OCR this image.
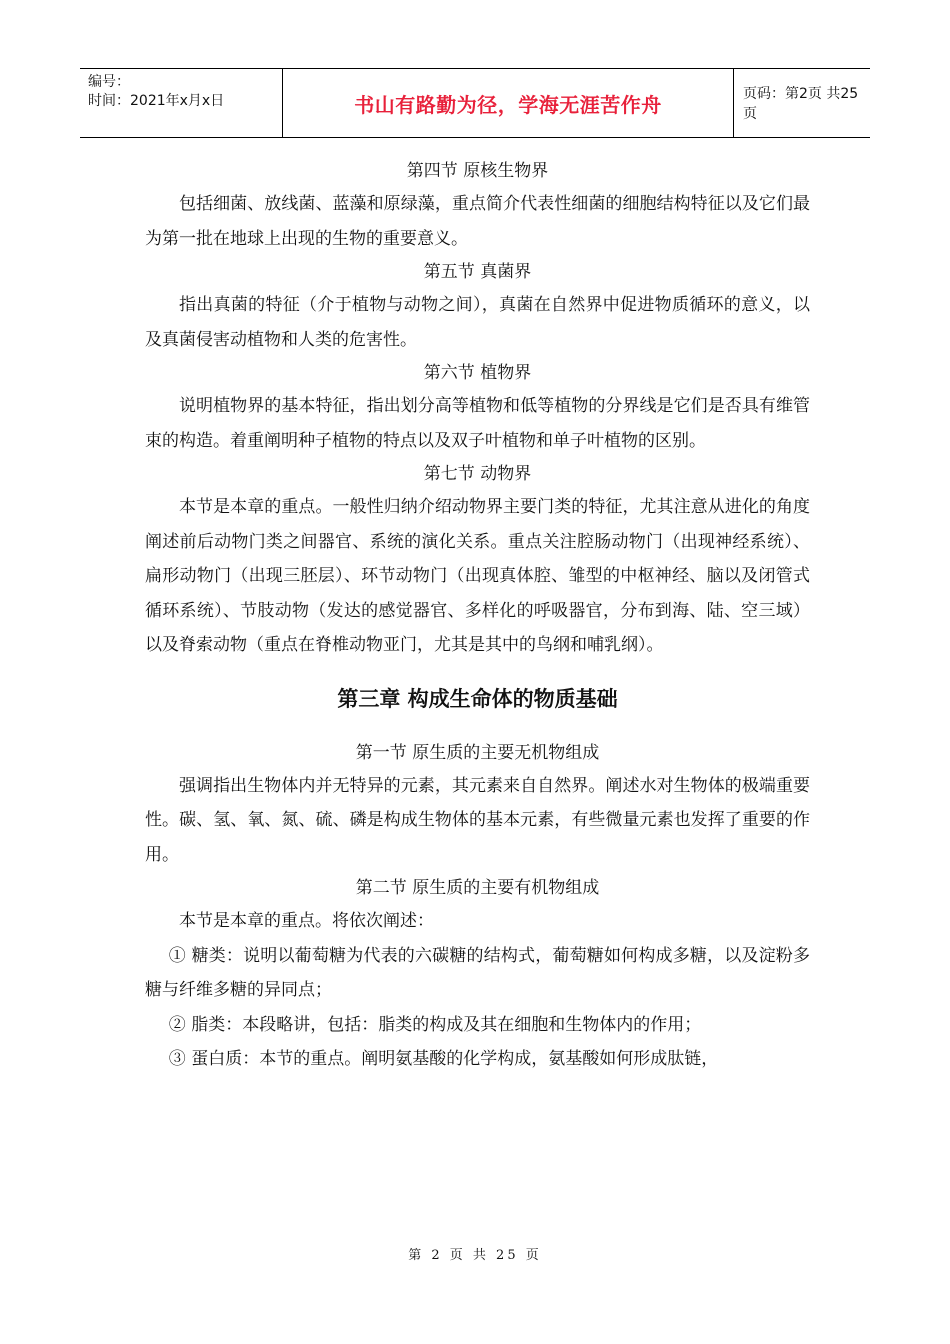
编号：
时间：2021年x月x日	书山有路勤为径，学海无涯苦作舟	页码：第2页 共25页

第四节 原核生物界

包括细菌、放线菌、蓝藻和原绿藻，重点简介代表性细菌的细胞结构特征以及它们最为第一批在地球上出现的生物的重要意义。

第五节 真菌界

指出真菌的特征（介于植物与动物之间），真菌在自然界中促进物质循环的意义，以及真菌侵害动植物和人类的危害性。

第六节 植物界

说明植物界的基本特征，指出划分高等植物和低等植物的分界线是它们是否具有维管束的构造。着重阐明种子植物的特点以及双子叶植物和单子叶植物的区别。

第七节 动物界

本节是本章的重点。一般性归纳介绍动物界主要门类的特征，尤其注意从进化的角度阐述前后动物门类之间器官、系统的演化关系。重点关注腔肠动物门（出现神经系统）、扁形动物门（出现三胚层）、环节动物门（出现真体腔、雏型的中枢神经、脑以及闭管式循环系统）、节肢动物（发达的感觉器官、多样化的呼吸器官，分布到海、陆、空三域）以及脊索动物（重点在脊椎动物亚门，尤其是其中的鸟纲和哺乳纲）。

第三章 构成生命体的物质基础

第一节 原生质的主要无机物组成

强调指出生物体内并无特异的元素，其元素来自自然界。阐述水对生物体的极端重要性。碳、氢、氧、氮、硫、磷是构成生物体的基本元素，有些微量元素也发挥了重要的作用。

第二节 原生质的主要有机物组成

本节是本章的重点。将依次阐述：

① 糖类：说明以葡萄糖为代表的六碳糖的结构式，葡萄糖如何构成多糖，以及淀粉多糖与纤维多糖的异同点；

② 脂类：本段略讲，包括：脂类的构成及其在细胞和生物体内的作用；

③ 蛋白质：本节的重点。阐明氨基酸的化学构成，氨基酸如何形成肽链，

第 2 页 共 25 页
